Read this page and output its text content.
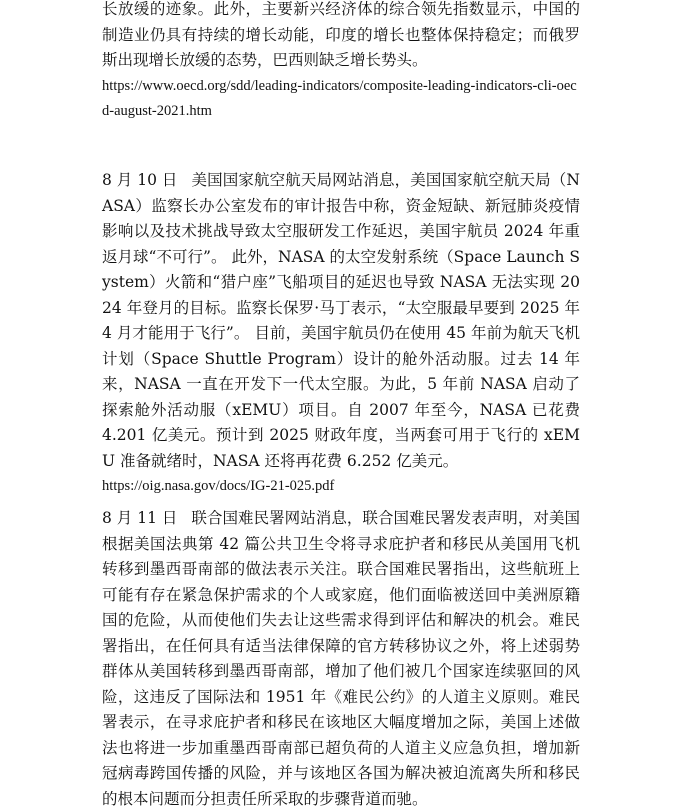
长放缓的迹象。此外，主要新兴经济体的综合领先指数显示，中国的制造业仍具有持续的增长动能，印度的增长也整体保持稳定；而俄罗斯出现增长放缓的态势，巴西则缺乏增长势头。

https://www.oecd.org/sdd/leading-indicators/composite-leading-indicators-cli-oecd-august-2021.htm

8 月 10 日 美国国家航空航天局网站消息，美国国家航空航天局（NASA）监察长办公室发布的审计报告中称，资金短缺、新冠肺炎疫情影响以及技术挑战导致太空服研发工作延迟，美国宇航员 2024 年重返月球“不可行”。 此外，NASA 的太空发射系统（Space Launch System）火箭和“猎户座”飞船项目的延迟也导致 NASA 无法实现 2024 年登月的目标。监察长保罗·马丁表示，“太空服最早要到 2025 年 4 月才能用于飞行”。 目前，美国宇航员仍在使用 45 年前为航天飞机计划（Space Shuttle Program）设计的舱外活动服。过去 14 年来，NASA 一直在开发下一代太空服。为此，5 年前 NASA 启动了探索舱外活动服（xEMU）项目。自 2007 年至今，NASA 已花费 4.201 亿美元。预计到 2025 财政年度，当两套可用于飞行的 xEMU 准备就绪时，NASA 还将再花费 6.252 亿美元。

https://oig.nasa.gov/docs/IG-21-025.pdf

8 月 11 日 联合国难民署网站消息，联合国难民署发表声明，对美国根据美国法典第 42 篇公共卫生令将寻求庇护者和移民从美国用飞机转移到墨西哥南部的做法表示关注。联合国难民署指出，这些航班上可能有存在紧急保护需求的个人或家庭，他们面临被送回中美洲原籍国的危险，从而使他们失去让这些需求得到评估和解决的机会。难民署指出，在任何具有适当法律保障的官方转移协议之外，将上述弱势群体从美国转移到墨西哥南部，增加了他们被几个国家连续驱回的风险，这违反了国际法和 1951 年《难民公约》的人道主义原则。难民署表示，在寻求庇护者和移民在该地区大幅度增加之际，美国上述做法也将进一步加重墨西哥南部已超负荷的人道主义应急负担，增加新冠病毒跨国传播的风险，并与该地区各国为解决被迫流离失所和移民的根本问题而分担责任所采取的步骤背道而驰。
